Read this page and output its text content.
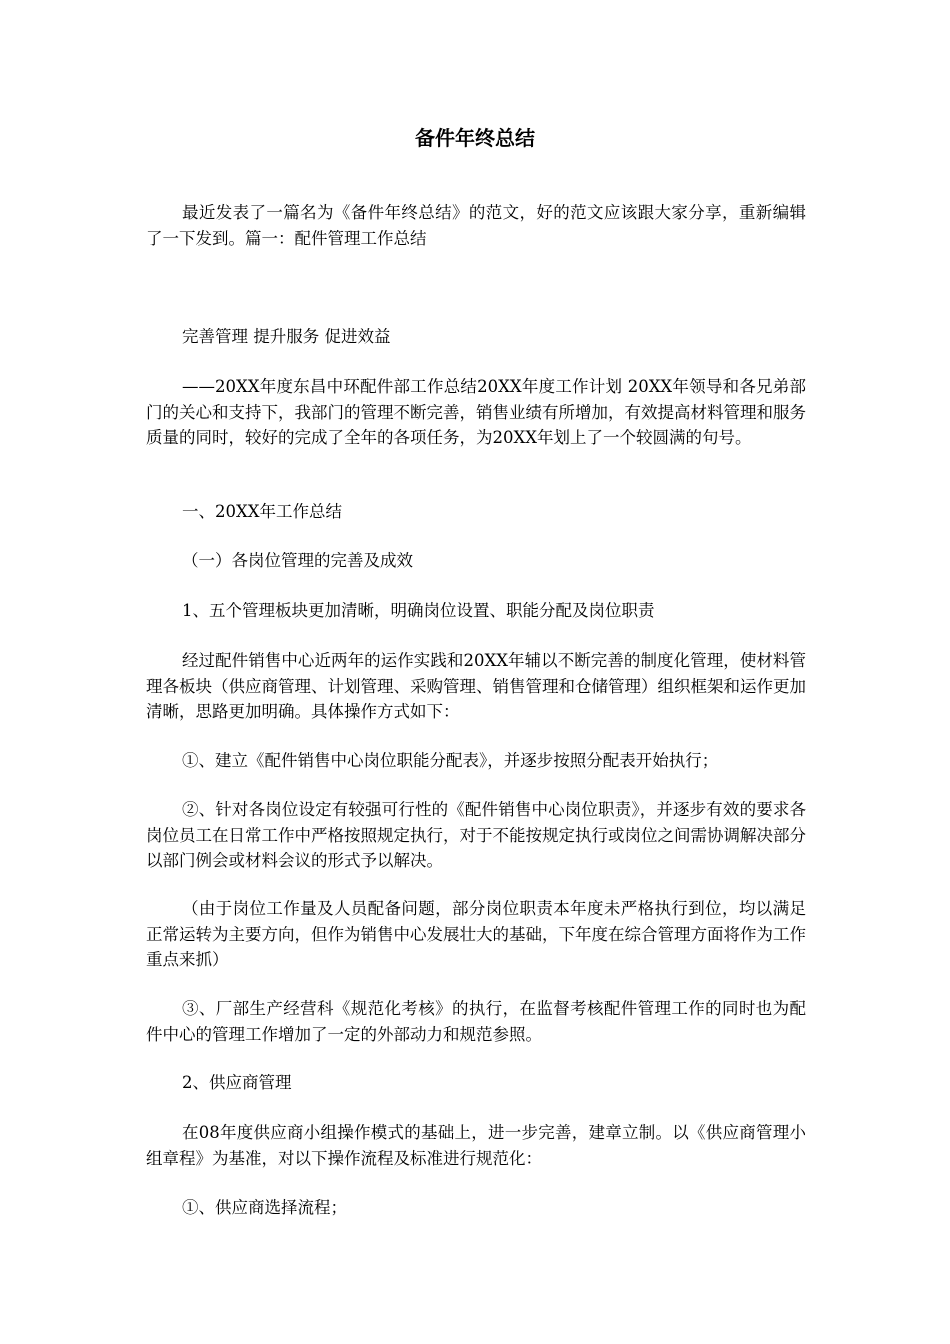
备件年终总结

最近发表了一篇名为《备件年终总结》的范文，好的范文应该跟大家分享，重新编辑了一下发到。篇一：配件管理工作总结

完善管理 提升服务 促进效益

——20XX年度东昌中环配件部工作总结20XX年度工作计划 20XX年领导和各兄弟部门的关心和支持下，我部门的管理不断完善，销售业绩有所增加，有效提高材料管理和服务质量的同时，较好的完成了全年的各项任务，为20XX年划上了一个较圆满的句号。

一、20XX年工作总结

（一）各岗位管理的完善及成效

1、五个管理板块更加清晰，明确岗位设置、职能分配及岗位职责

经过配件销售中心近两年的运作实践和20XX年辅以不断完善的制度化管理，使材料管理各板块（供应商管理、计划管理、采购管理、销售管理和仓储管理）组织框架和运作更加清晰，思路更加明确。具体操作方式如下：

①、建立《配件销售中心岗位职能分配表》，并逐步按照分配表开始执行；

②、针对各岗位设定有较强可行性的《配件销售中心岗位职责》，并逐步有效的要求各岗位员工在日常工作中严格按照规定执行，对于不能按规定执行或岗位之间需协调解决部分以部门例会或材料会议的形式予以解决。

（由于岗位工作量及人员配备问题，部分岗位职责本年度未严格执行到位，均以满足正常运转为主要方向，但作为销售中心发展壮大的基础，下年度在综合管理方面将作为工作重点来抓）

③、厂部生产经营科《规范化考核》的执行，在监督考核配件管理工作的同时也为配件中心的管理工作增加了一定的外部动力和规范参照。

2、供应商管理

在08年度供应商小组操作模式的基础上，进一步完善，建章立制。以《供应商管理小组章程》为基准，对以下操作流程及标准进行规范化：

①、供应商选择流程；
